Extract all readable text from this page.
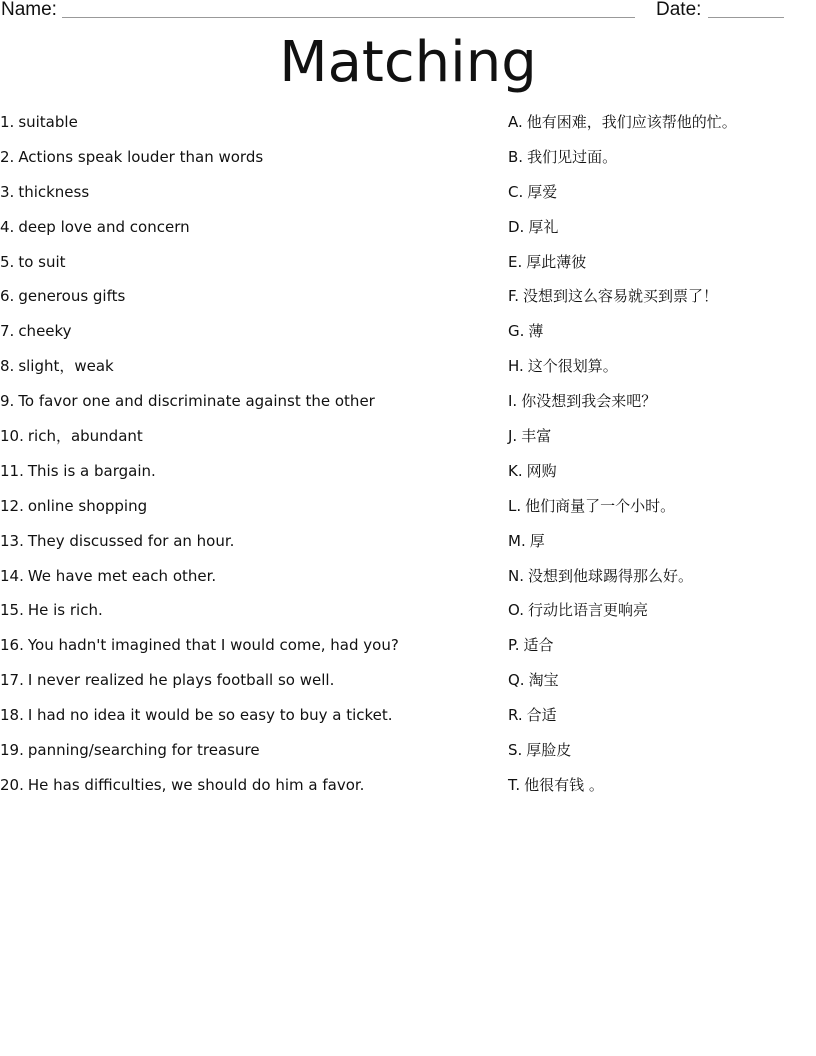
Name:	Date:
Matching
1. suitable
2. Actions speak louder than words
3. thickness
4. deep love and concern
5. to suit
6. generous gifts
7. cheeky
8. slight，weak
9. To favor one and discriminate against the other
10. rich，abundant
11. This is a bargain.
12. online shopping
13. They discussed for an hour.
14. We have met each other.
15. He is rich.
16. You hadn't imagined that I would come, had you?
17. I never realized he plays football so well.
18. I had no idea it would be so easy to buy a ticket.
19. panning/searching for treasure
20. He has difficulties, we should do him a favor.
A. 他有困难，我们应该帮他的忙。
B. 我们见过面。
C. 厚爱
D. 厚礼
E. 厚此薄彼
F. 没想到这么容易就买到票了！
G. 薄
H. 这个很划算。
I. 你没想到我会来吧？
J. 丰富
K. 网购
L. 他们商量了一个小时。
M. 厚
N. 没想到他球踢得那么好。
O. 行动比语言更响亮
P. 适合
Q. 淘宝
R. 合适
S. 厚脸皮
T. 他很有钱 。
